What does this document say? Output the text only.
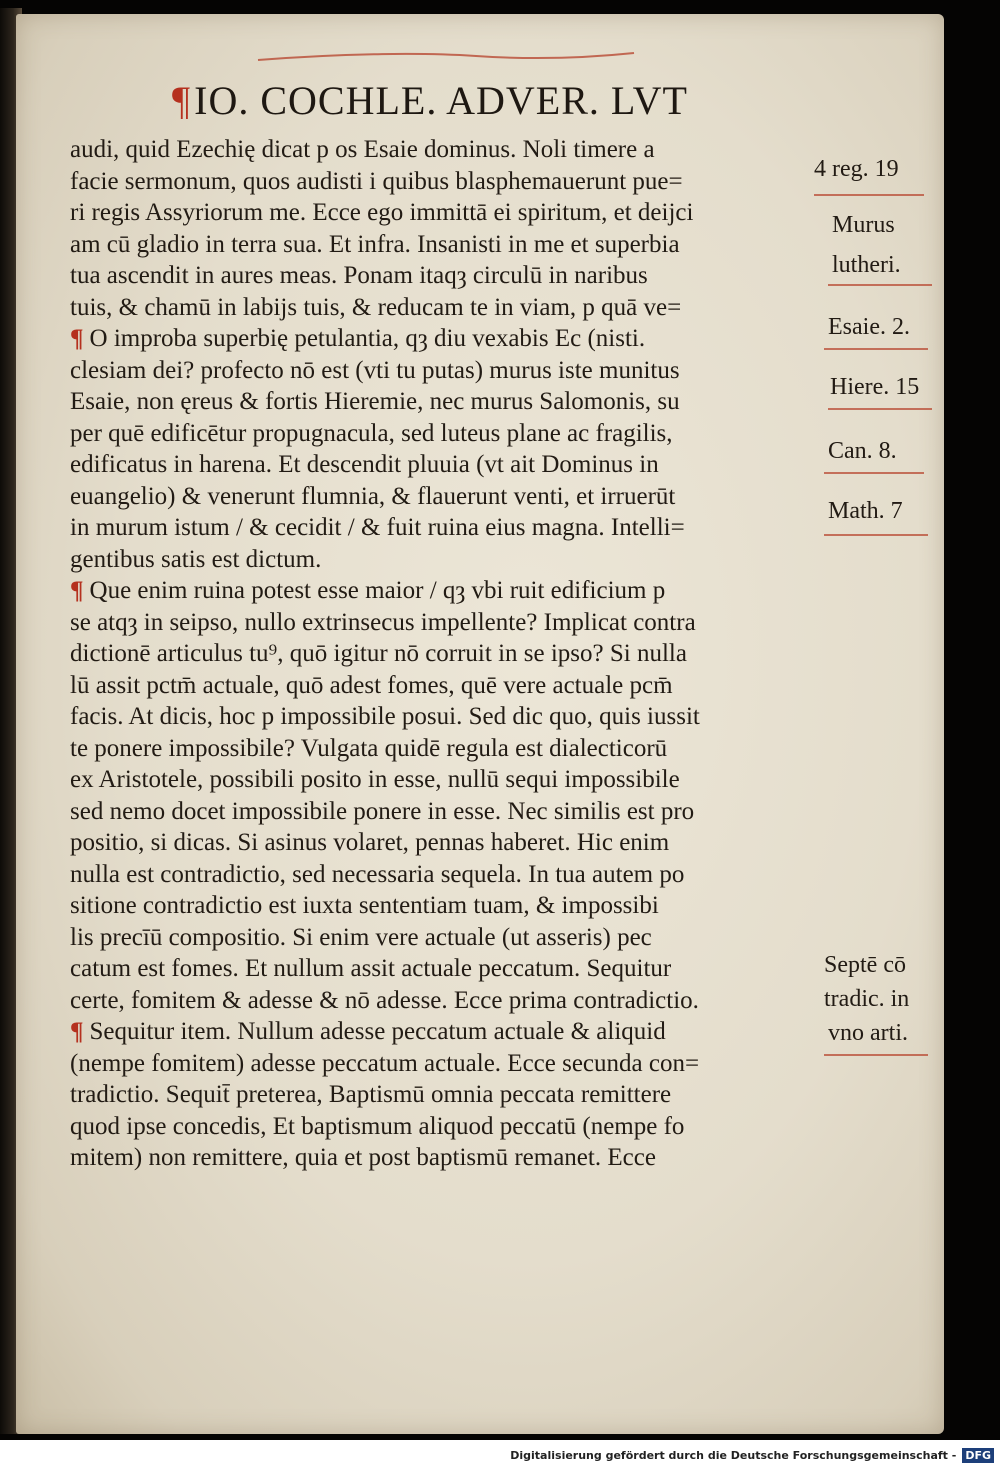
¶ IO. COCHLE. ADVER. LVT
audi, quid Ezechię dicat p os Esaie dominus. Noli timere a
facie sermonum, quos audisti i quibus blasphemauerunt pue=
ri regis Assyriorum me. Ecce ego immittā ei spiritum, et deijci
am cū gladio in terra sua. Et infra. Insanisti in me et superbia
tua ascendit in aures meas. Ponam itaqȝ circulū in naribus
tuis, & chamū in labijs tuis, & reducam te in viam, p quā ve=
¶ O improba superbię petulantia, qȝ diu vexabis Ec (nisti.
clesiam dei? profecto nō est (vti tu putas) murus iste munitus
Esaie, non ęreus & fortis Hieremie, nec murus Salomonis, su
per quē edificētur propugnacula, sed luteus plane ac fragilis,
edificatus in harena. Et descendit pluuia (vt ait Dominus in
euangelio) & venerunt flumnia, & flauerunt venti, et irruerūt
in murum istum / & cecidit / & fuit ruina eius magna. Intelli=
gentibus satis est dictum.
¶ Que enim ruina potest esse maior / qȝ vbi ruit edificium p
se atqȝ in seipso, nullo extrinsecus impellente? Implicat contra
dictionē articulus tu⁹, quō igitur nō corruit in se ipso? Si nulla
lū assit pctm̄ actuale, quō adest fomes, quē vere actuale pcm̄
facis. At dicis, hoc p impossibile posui. Sed dic quo, quis iussit
te ponere impossibile? Vulgata quidē regula est dialecticorū
ex Aristotele, possibili posito in esse, nullū sequi impossibile
sed nemo docet impossibile ponere in esse. Nec similis est pro
positio, si dicas. Si asinus volaret, pennas haberet. Hic enim
nulla est contradictio, sed necessaria sequela. In tua autem po
sitione contradictio est iuxta sententiam tuam, & impossibi
lis precīū compositio. Si enim vere actuale (ut asseris) pec
catum est fomes. Et nullum assit actuale peccatum. Sequitur
certe, fomitem & adesse & nō adesse. Ecce prima contradictio.
¶ Sequitur item. Nullum adesse peccatum actuale & aliquid
(nempe fomitem) adesse peccatum actuale. Ecce secunda con=
tradictio. Sequit̄ preterea, Baptismū omnia peccata remittere
quod ipse concedis, Et baptismum aliquod peccatū (nempe fo
mitem) non remittere, quia et post baptismū remanet. Ecce
4 reg. 19
Murus
lutheri.
Esaie. 2.
Hiere. 15
Can. 8.
Math. 7
Septē cō
tradic. in
vno arti.
Digitalisierung gefördert durch die Deutsche Forschungsgemeinschaft - DFG
